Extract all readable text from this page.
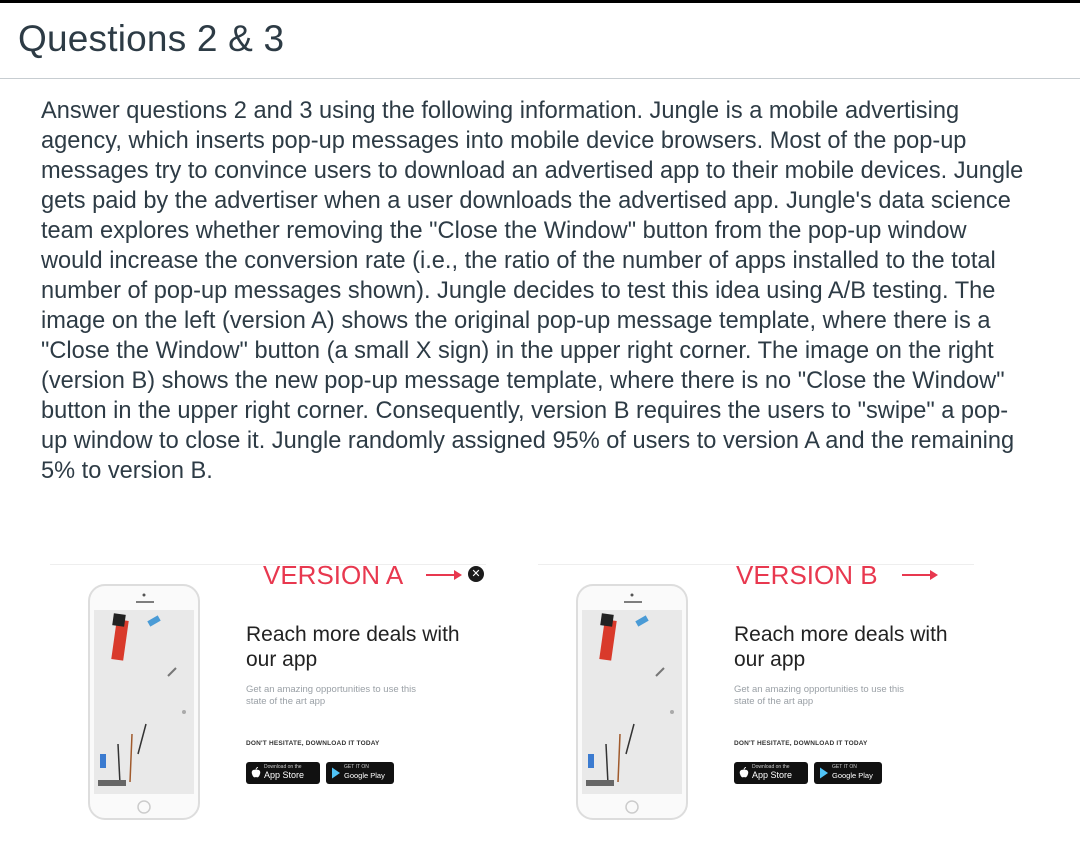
Questions 2 & 3

Answer questions 2 and 3 using the following information. Jungle is a mobile advertising agency, which inserts pop-up messages into mobile device browsers. Most of the pop-up messages try to convince users to download an advertised app to their mobile devices. Jungle gets paid by the advertiser when a user downloads the advertised app. Jungle's data science team explores whether removing the "Close the Window" button from the pop-up window would increase the conversion rate (i.e., the ratio of the number of apps installed to the total number of pop-up messages shown). Jungle decides to test this idea using A/B testing. The image on the left (version A) shows the original pop-up message template, where there is a "Close the Window" button (a small X sign) in the upper right corner. The image on the right (version B) shows the new pop-up message template, where there is no "Close the Window" button in the upper right corner. Consequently, version B requires the users to "swipe" a pop-up window to close it. Jungle randomly assigned 95% of users to version A and the remaining 5% to version B.

VERSION A	✕
Reach more deals with our app
Get an amazing opportunities to use this state of the art app
DON'T HESITATE, DOWNLOAD IT TODAY
Download on the
App Store
GET IT ON
Google Play
VERSION B
Reach more deals with our app
Get an amazing opportunities to use this state of the art app
DON'T HESITATE, DOWNLOAD IT TODAY
Download on the
App Store
GET IT ON
Google Play
